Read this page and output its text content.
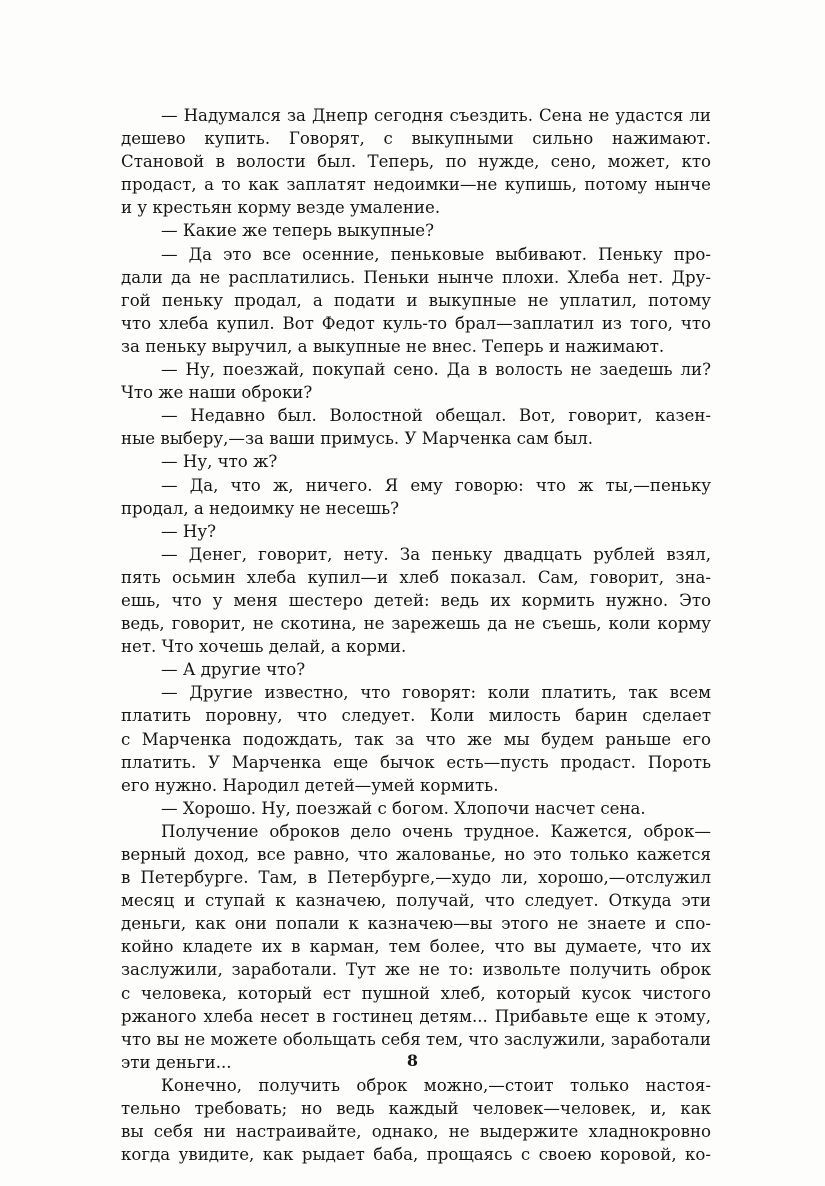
— Надумался за Днепр сегодня съездить. Сена не удастся ли
дешево купить. Говорят, с выкупными сильно нажимают.
Становой в волости был. Теперь, по нужде, сено, может, кто
продаст, а то как заплатят недоимки—не купишь, потому нынче
и у крестьян корму везде умаление.
— Какие же теперь выкупные?
— Да это все осенние, пеньковые выбивают. Пеньку про-
дали да не расплатились. Пеньки нынче плохи. Хлеба нет. Дру-
гой пеньку продал, а подати и выкупные не уплатил, потому
что хлеба купил. Вот Федот куль-то брал—заплатил из того, что
за пеньку выручил, а выкупные не внес. Теперь и нажимают.
— Ну, поезжай, покупай сено. Да в волость не заедешь ли?
Что же наши оброки?
— Недавно был. Волостной обещал. Вот, говорит, казен-
ные выберу,—за ваши примусь. У Марченка сам был.
— Ну, что ж?
— Да, что ж, ничего. Я ему говорю: что ж ты,—пеньку
продал, а недоимку не несешь?
— Ну?
— Денег, говорит, нету. За пеньку двадцать рублей взял,
пять осьмин хлеба купил—и хлеб показал. Сам, говорит, зна-
ешь, что у меня шестеро детей: ведь их кормить нужно. Это
ведь, говорит, не скотина, не зарежешь да не съешь, коли корму
нет. Что хочешь делай, а корми.
— А другие что?
— Другие известно, что говорят: коли платить, так всем
платить поровну, что следует. Коли милость барин сделает
с Марченка подождать, так за что же мы будем раньше его
платить. У Марченка еще бычок есть—пусть продаст. Пороть
его нужно. Народил детей—умей кормить.
— Хорошо. Ну, поезжай с богом. Хлопочи насчет сена.
Получение оброков дело очень трудное. Кажется, оброк—
верный доход, все равно, что жалованье, но это только кажется
в Петербурге. Там, в Петербурге,—худо ли, хорошо,—отслужил
месяц и ступай к казначею, получай, что следует. Откуда эти
деньги, как они попали к казначею—вы этого не знаете и спо-
койно кладете их в карман, тем более, что вы думаете, что их
заслужили, заработали. Тут же не то: извольте получить оброк
с человека, который ест пушной хлеб, который кусок чистого
ржаного хлеба несет в гостинец детям... Прибавьте еще к этому,
что вы не можете обольщать себя тем, что заслужили, заработали
эти деньги...
Конечно, получить оброк можно,—стоит только настоя-
тельно требовать; но ведь каждый человек—человек, и, как
вы себя ни настраивайте, однако, не выдержите хладнокровно
когда увидите, как рыдает баба, прощаясь с своею коровой, ко-
8
